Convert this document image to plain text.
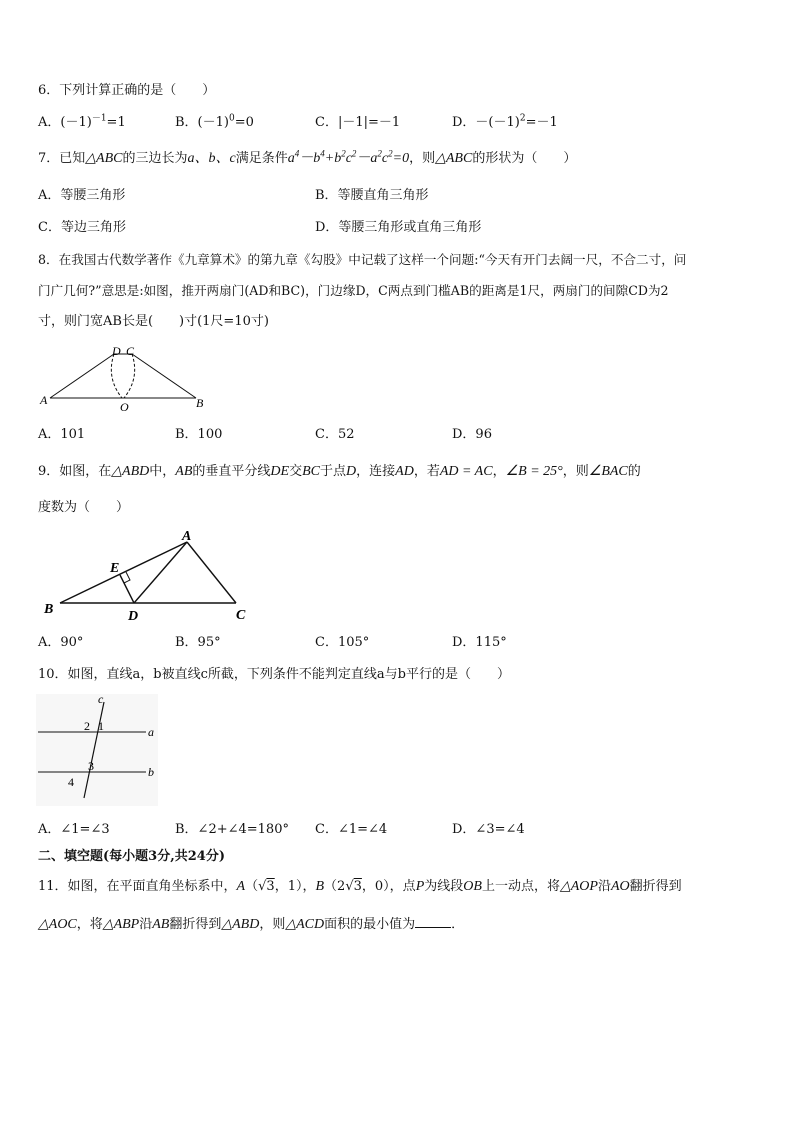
6．下列计算正确的是（　　）
A．$(-1)^{-1}=1$	B．$(-1)^0=0$	C．|－1|=－1	D．$-(-1)^2=-1$
7．已知△ABC的三边长为a、b、c满足条件$a^4-b^4+b^2c^2-a^2c^2=0$，则△ABC的形状为（　　）
A．等腰三角形	B．等腰直角三角形
C．等边三角形	D．等腰三角形或直角三角形
8．在我国古代数学著作《九章算术》的第九章《勾股》中记载了这样一个问题:“今天有开门去阔一尺，不合二寸，问
门广几何?”意思是:如图，推开两扇门(AD和BC)，门边缘D，C两点到门槛AB的距离是1尺，两扇门的间隙CD为2
寸，则门宽AB长是(　　)寸(1尺=10寸)
A	B
D C
O
A．101	B．100	C．52	D．96
9．如图，在△ABD中，AB的垂直平分线DE交BC于点D，连接AD，若AD = AC，∠B = 25°，则∠BAC的
度数为（　　）
A
B	C
D
E
A．90°	B．95°	C．105°	D．115°
10．如图，直线a，b被直线c所截，下列条件不能判定直线a与b平行的是（　　）
c
a
b
1
2
3
4
A．∠1=∠3	B．∠2+∠4=180° C．∠1=∠4	D．∠3=∠4
二、填空题(每小题3分,共24分)
11．如图，在平面直角坐标系中，A（√3，1），B（2√3，0），点P为线段OB上一动点，将△AOP沿AO翻折得到
△AOC，将△ABP沿AB翻折得到△ABD，则△ACD面积的最小值为	．
